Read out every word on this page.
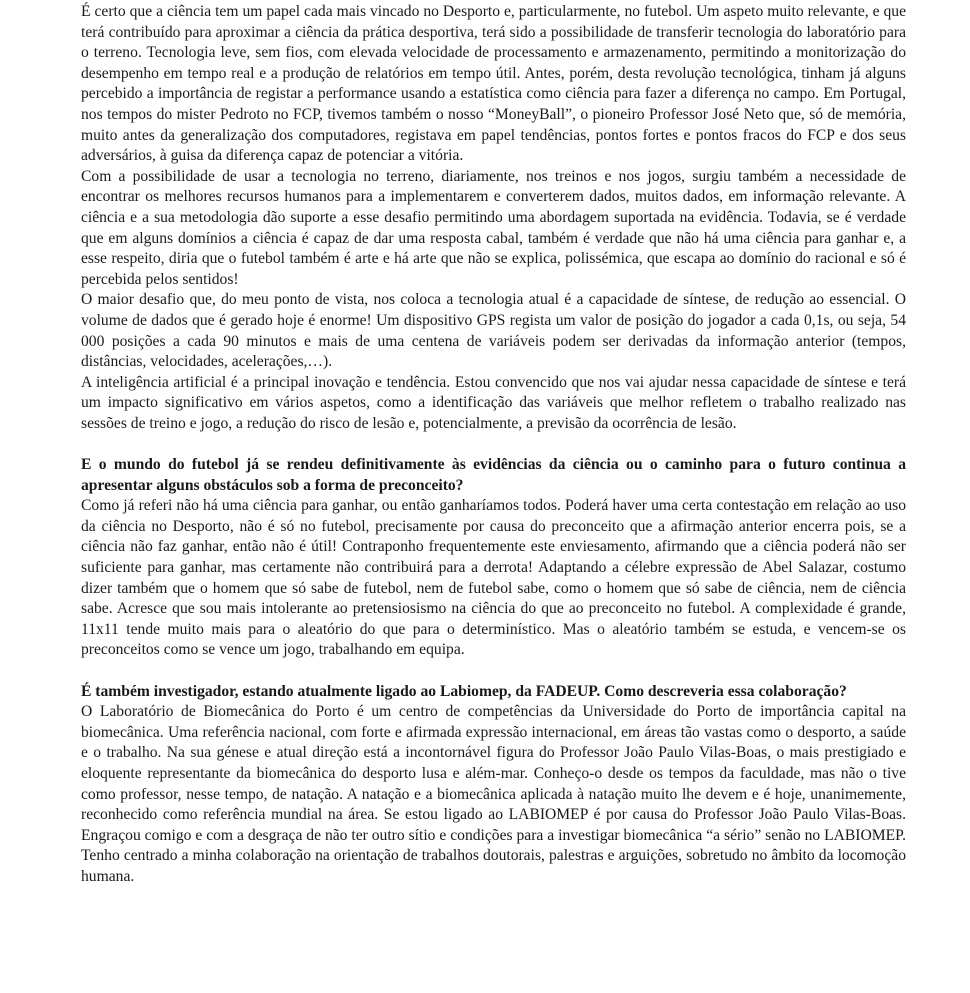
É certo que a ciência tem um papel cada mais vincado no Desporto e, particularmente, no futebol. Um aspeto muito relevante, e que terá contribuído para aproximar a ciência da prática desportiva, terá sido a possibilidade de transferir tecnologia do laboratório para o terreno. Tecnologia leve, sem fios, com elevada velocidade de processamento e armazenamento, permitindo a monitorização do desempenho em tempo real e a produção de relatórios em tempo útil. Antes, porém, desta revolução tecnológica, tinham já alguns percebido a importância de registar a performance usando a estatística como ciência para fazer a diferença no campo. Em Portugal, nos tempos do mister Pedroto no FCP, tivemos também o nosso “MoneyBall”, o pioneiro Professor José Neto que, só de memória, muito antes da generalização dos computadores, registava em papel tendências, pontos fortes e pontos fracos do FCP e dos seus adversários, à guisa da diferença capaz de potenciar a vitória.

Com a possibilidade de usar a tecnologia no terreno, diariamente, nos treinos e nos jogos, surgiu também a necessidade de encontrar os melhores recursos humanos para a implementarem e converterem dados, muitos dados, em informação relevante. A ciência e a sua metodologia dão suporte a esse desafio permitindo uma abordagem suportada na evidência. Todavia, se é verdade que em alguns domínios a ciência é capaz de dar uma resposta cabal, também é verdade que não há uma ciência para ganhar e, a esse respeito, diria que o futebol também é arte e há arte que não se explica, polissémica, que escapa ao domínio do racional e só é percebida pelos sentidos!

O maior desafio que, do meu ponto de vista, nos coloca a tecnologia atual é a capacidade de síntese, de redução ao essencial. O volume de dados que é gerado hoje é enorme! Um dispositivo GPS regista um valor de posição do jogador a cada 0,1s, ou seja, 54 000 posições a cada 90 minutos e mais de uma centena de variáveis podem ser derivadas da informação anterior (tempos, distâncias, velocidades, acelerações,…).

A inteligência artificial é a principal inovação e tendência. Estou convencido que nos vai ajudar nessa capacidade de síntese e terá um impacto significativo em vários aspetos, como a identificação das variáveis que melhor refletem o trabalho realizado nas sessões de treino e jogo, a redução do risco de lesão e, potencialmente, a previsão da ocorrência de lesão.

E o mundo do futebol já se rendeu definitivamente às evidências da ciência ou o caminho para o futuro continua a apresentar alguns obstáculos sob a forma de preconceito?

Como já referi não há uma ciência para ganhar, ou então ganharíamos todos. Poderá haver uma certa contestação em relação ao uso da ciência no Desporto, não é só no futebol, precisamente por causa do preconceito que a afirmação anterior encerra pois, se a ciência não faz ganhar, então não é útil! Contraponho frequentemente este enviesamento, afirmando que a ciência poderá não ser suficiente para ganhar, mas certamente não contribuirá para a derrota! Adaptando a célebre expressão de Abel Salazar, costumo dizer também que o homem que só sabe de futebol, nem de futebol sabe, como o homem que só sabe de ciência, nem de ciência sabe. Acresce que sou mais intolerante ao pretensiosismo na ciência do que ao preconceito no futebol. A complexidade é grande, 11x11 tende muito mais para o aleatório do que para o determinístico. Mas o aleatório também se estuda, e vencem-se os preconceitos como se vence um jogo, trabalhando em equipa.

É também investigador, estando atualmente ligado ao Labiomep, da FADEUP. Como descreveria essa colaboração?

O Laboratório de Biomecânica do Porto é um centro de competências da Universidade do Porto de importância capital na biomecânica. Uma referência nacional, com forte e afirmada expressão internacional, em áreas tão vastas como o desporto, a saúde e o trabalho. Na sua génese e atual direção está a incontornável figura do Professor João Paulo Vilas-Boas, o mais prestigiado e eloquente representante da biomecânica do desporto lusa e além-mar. Conheço-o desde os tempos da faculdade, mas não o tive como professor, nesse tempo, de natação. A natação e a biomecânica aplicada à natação muito lhe devem e é hoje, unanimemente, reconhecido como referência mundial na área. Se estou ligado ao LABIOMEP é por causa do Professor João Paulo Vilas-Boas. Engraçou comigo e com a desgraça de não ter outro sítio e condições para a investigar biomecânica “a sério” senão no LABIOMEP. Tenho centrado a minha colaboração na orientação de trabalhos doutorais, palestras e arguições, sobretudo no âmbito da locomoção humana.
